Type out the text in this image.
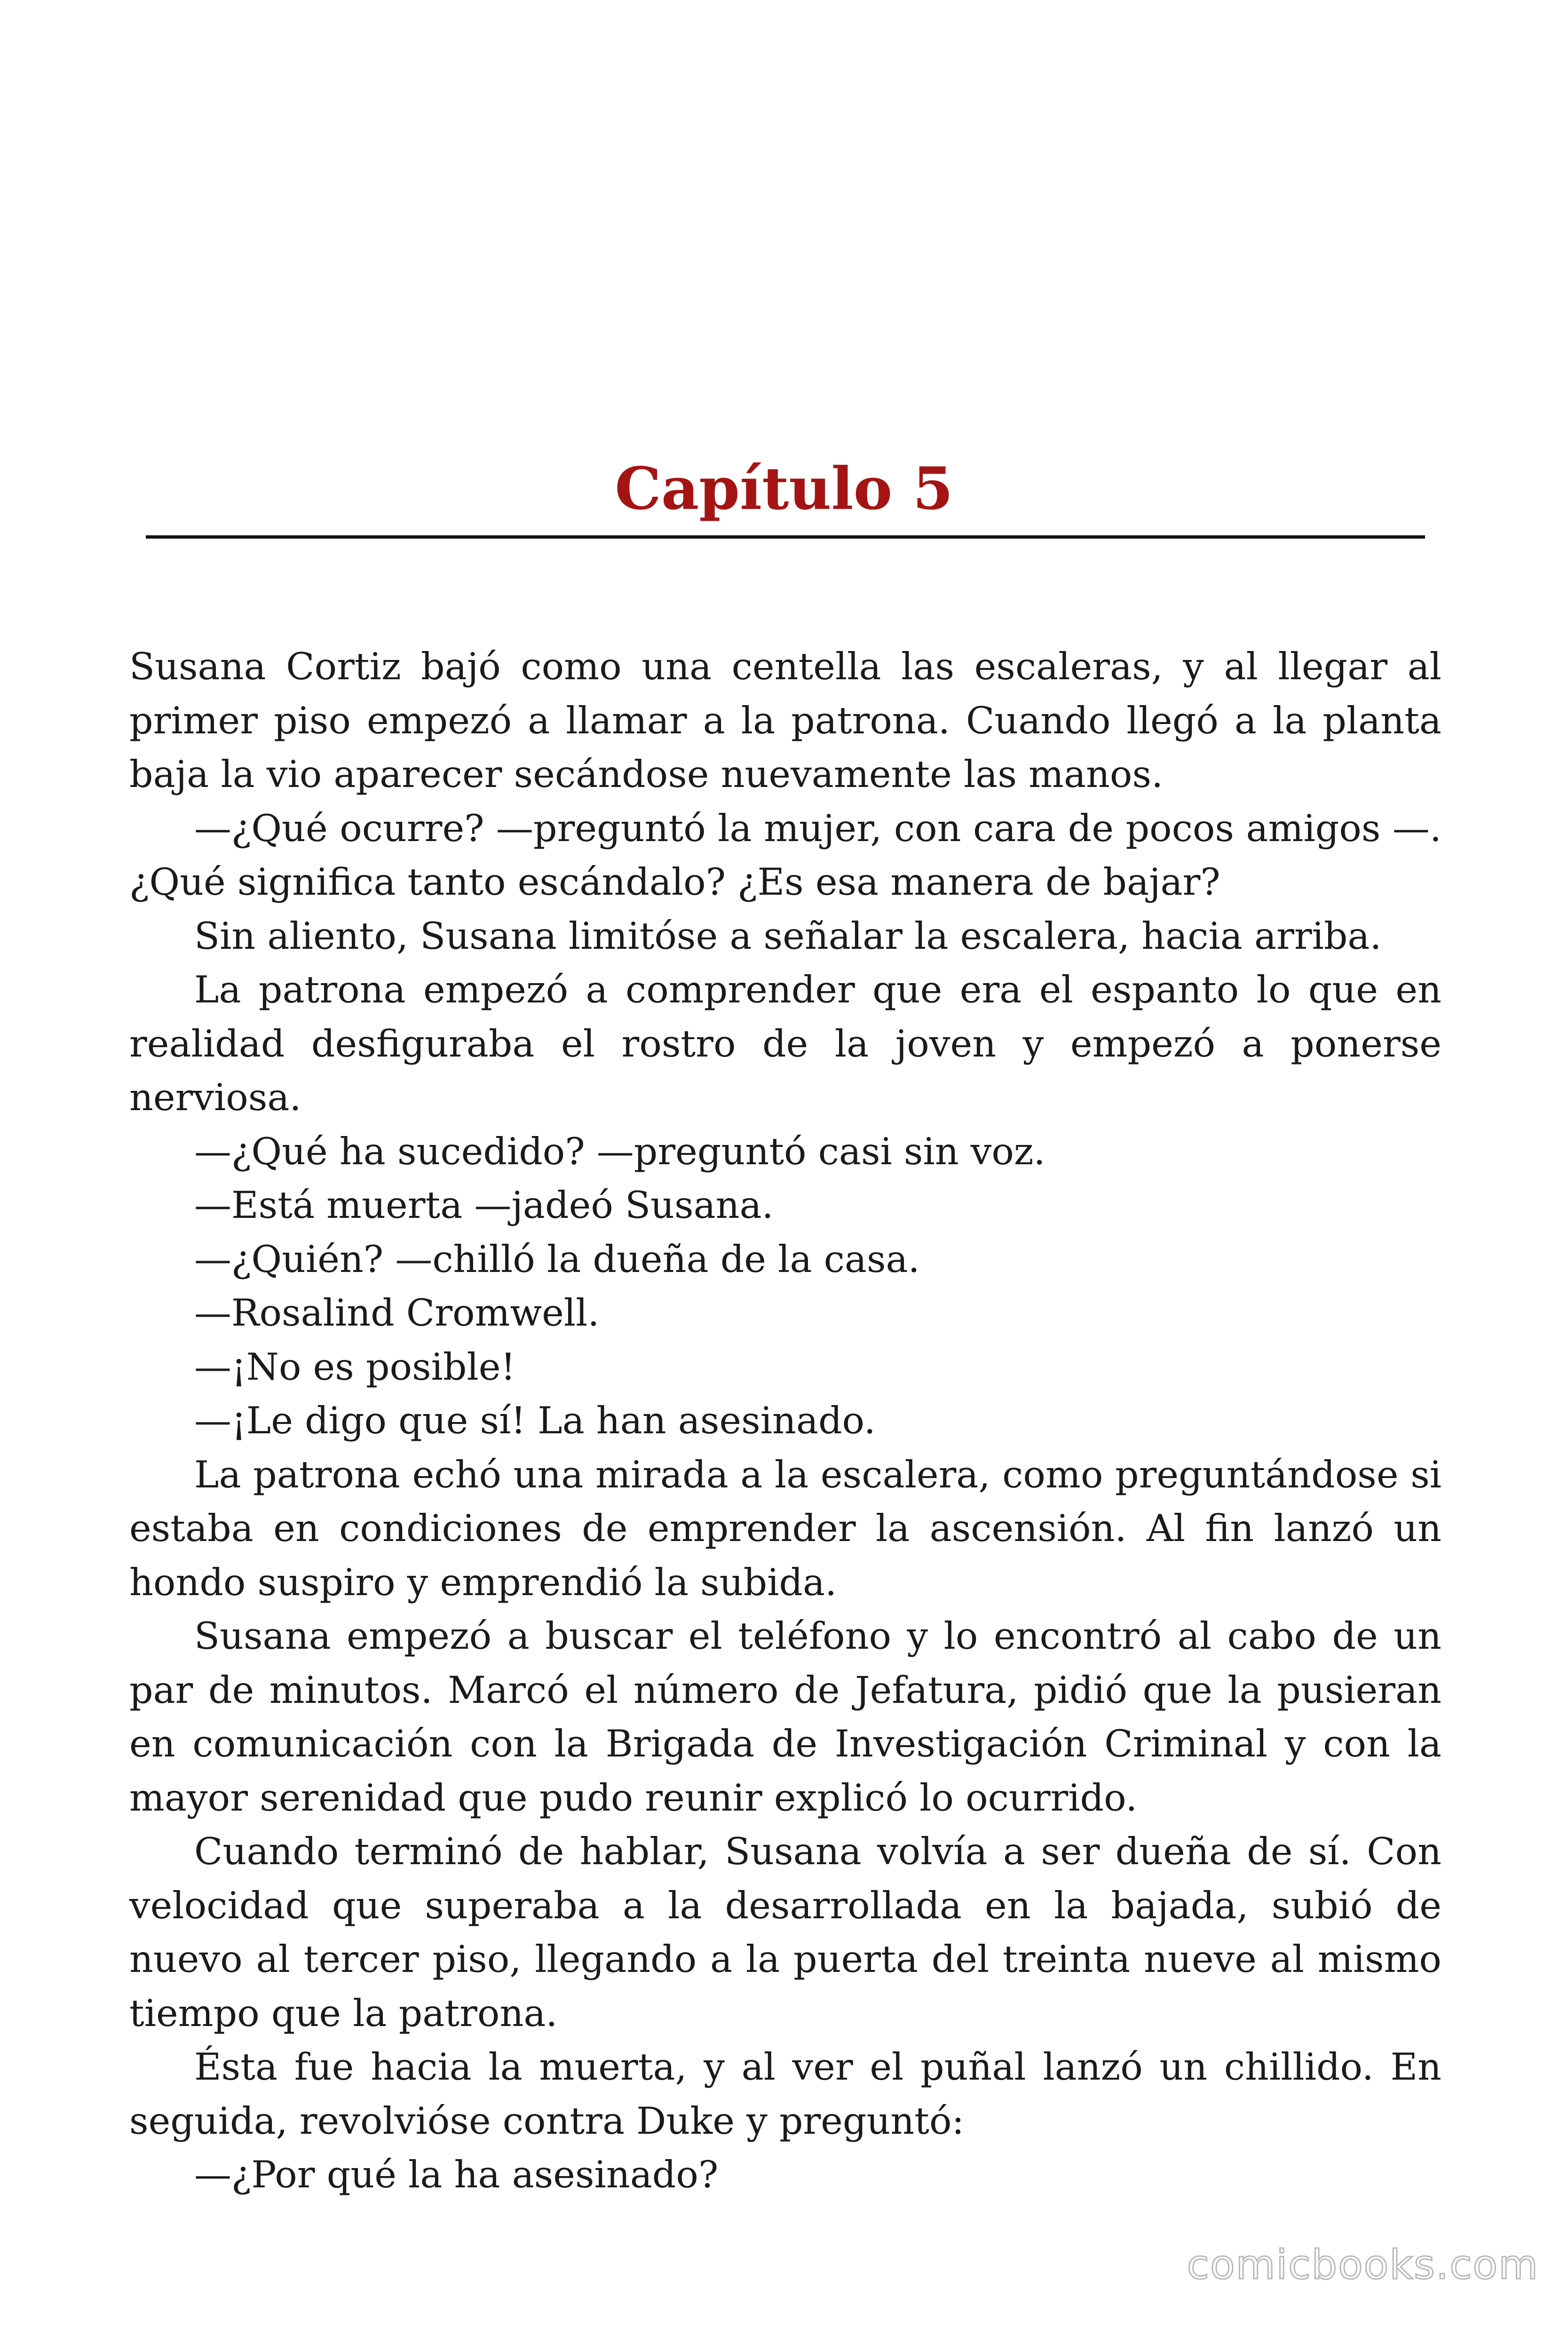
Capítulo 5

Susana Cortiz bajó como una centella las escaleras, y al llegar al primer piso empezó a llamar a la patrona. Cuando llegó a la planta baja la vio aparecer secándose nuevamente las manos.

—¿Qué ocurre? —preguntó la mujer, con cara de pocos amigos —. ¿Qué significa tanto escándalo? ¿Es esa manera de bajar?

Sin aliento, Susana limitóse a señalar la escalera, hacia arriba.

La patrona empezó a comprender que era el espanto lo que en realidad desfiguraba el rostro de la joven y empezó a ponerse nerviosa.

—¿Qué ha sucedido? —preguntó casi sin voz.

—Está muerta —jadeó Susana.

—¿Quién? —chilló la dueña de la casa.

—Rosalind Cromwell.

—¡No es posible!

—¡Le digo que sí! La han asesinado.

La patrona echó una mirada a la escalera, como preguntándose si estaba en condiciones de emprender la ascensión. Al fin lanzó un hondo suspiro y emprendió la subida.

Susana empezó a buscar el teléfono y lo encontró al cabo de un par de minutos. Marcó el número de Jefatura, pidió que la pusieran en comunicación con la Brigada de Investigación Criminal y con la mayor serenidad que pudo reunir explicó lo ocurrido.

Cuando terminó de hablar, Susana volvía a ser dueña de sí. Con velocidad que superaba a la desarrollada en la bajada, subió de nuevo al tercer piso, llegando a la puerta del treinta nueve al mismo tiempo que la patrona.

Ésta fue hacia la muerta, y al ver el puñal lanzó un chillido. En seguida, revolvióse contra Duke y preguntó:

—¿Por qué la ha asesinado?

comicbooks.com
